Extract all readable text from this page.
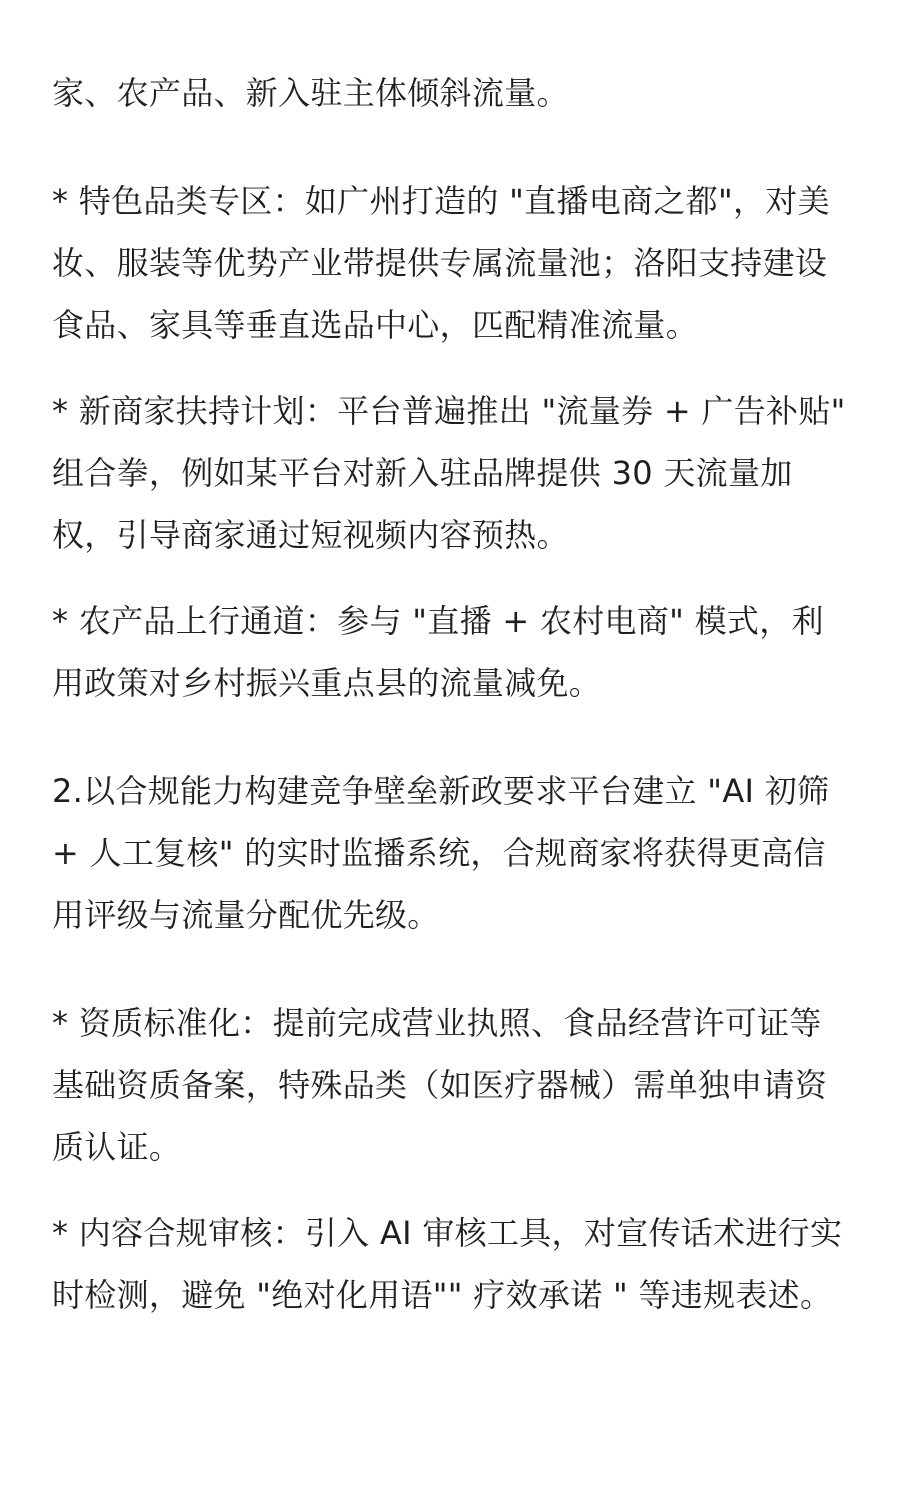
家、农产品、新入驻主体倾斜流量。

* 特色品类专区：如广州打造的 "直播电商之都"，对美妆、服装等优势产业带提供专属流量池；洛阳支持建设食品、家具等垂直选品中心，匹配精准流量。

* 新商家扶持计划：平台普遍推出 "流量券 + 广告补贴" 组合拳，例如某平台对新入驻品牌提供 30 天流量加权，引导商家通过短视频内容预热。

* 农产品上行通道：参与 "直播 + 农村电商" 模式，利用政策对乡村振兴重点县的流量减免。

2.以合规能力构建竞争壁垒新政要求平台建立 "AI 初筛 + 人工复核" 的实时监播系统，合规商家将获得更高信用评级与流量分配优先级。

* 资质标准化：提前完成营业执照、食品经营许可证等基础资质备案，特殊品类（如医疗器械）需单独申请资质认证。

* 内容合规审核：引入 AI 审核工具，对宣传话术进行实时检测，避免 "绝对化用语"" 疗效承诺 " 等违规表述。
